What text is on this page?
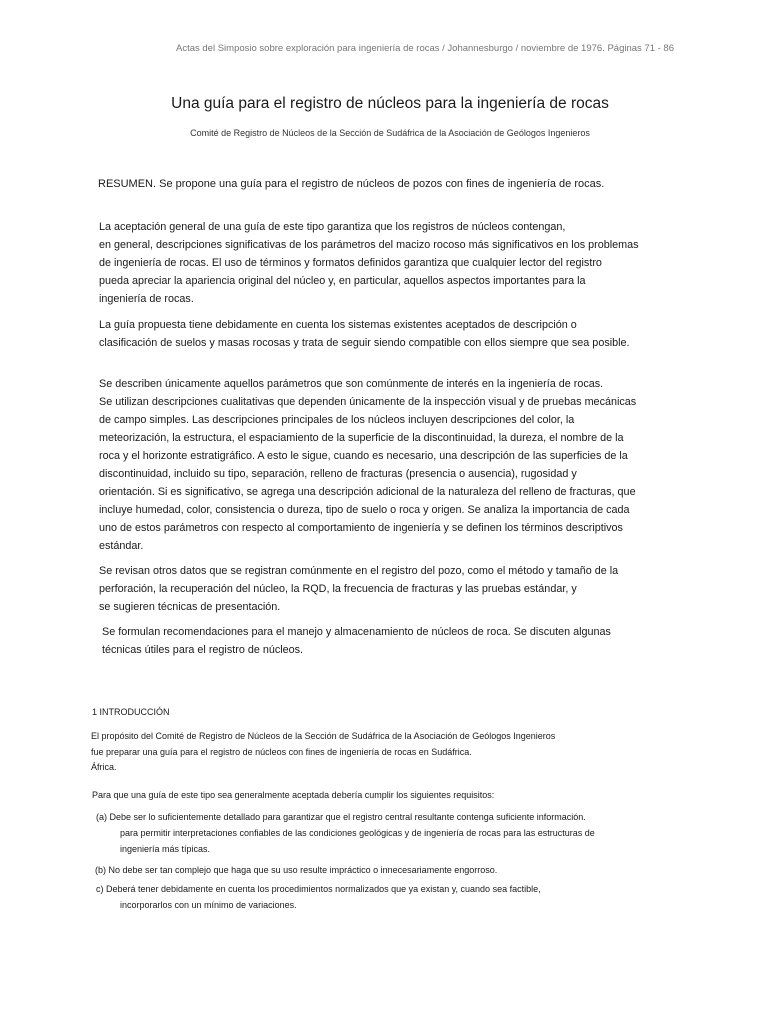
Actas del Simposio sobre exploración para ingeniería de rocas / Johannesburgo / noviembre de 1976. Páginas 71 - 86

Una guía para el registro de núcleos para la ingeniería de rocas

Comité de Registro de Núcleos de la Sección de Sudáfrica de la Asociación de Geólogos Ingenieros

RESUMEN. Se propone una guía para el registro de núcleos de pozos con fines de ingeniería de rocas.

La aceptación general de una guía de este tipo garantiza que los registros de núcleos contengan,
en general, descripciones significativas de los parámetros del macizo rocoso más significativos en los problemas
de ingeniería de rocas. El uso de términos y formatos definidos garantiza que cualquier lector del registro
pueda apreciar la apariencia original del núcleo y, en particular, aquellos aspectos importantes para la
ingeniería de rocas.
La guía propuesta tiene debidamente en cuenta los sistemas existentes aceptados de descripción o
clasificación de suelos y masas rocosas y trata de seguir siendo compatible con ellos siempre que sea posible.
Se describen únicamente aquellos parámetros que son comúnmente de interés en la ingeniería de rocas.
Se utilizan descripciones cualitativas que dependen únicamente de la inspección visual y de pruebas mecánicas
de campo simples. Las descripciones principales de los núcleos incluyen descripciones del color, la
meteorización, la estructura, el espaciamiento de la superficie de la discontinuidad, la dureza, el nombre de la
roca y el horizonte estratigráfico. A esto le sigue, cuando es necesario, una descripción de las superficies de la
discontinuidad, incluido su tipo, separación, relleno de fracturas (presencia o ausencia), rugosidad y
orientación. Si es significativo, se agrega una descripción adicional de la naturaleza del relleno de fracturas, que
incluye humedad, color, consistencia o dureza, tipo de suelo o roca y origen. Se analiza la importancia de cada
uno de estos parámetros con respecto al comportamiento de ingeniería y se definen los términos descriptivos
estándar.
Se revisan otros datos que se registran comúnmente en el registro del pozo, como el método y tamaño de la
perforación, la recuperación del núcleo, la RQD, la frecuencia de fracturas y las pruebas estándar, y
se sugieren técnicas de presentación.
Se formulan recomendaciones para el manejo y almacenamiento de núcleos de roca. Se discuten algunas
técnicas útiles para el registro de núcleos.

1 INTRODUCCIÓN

El propósito del Comité de Registro de Núcleos de la Sección de Sudáfrica de la Asociación de Geólogos Ingenieros
fue preparar una guía para el registro de núcleos con fines de ingeniería de rocas en Sudáfrica.
África.

Para que una guía de este tipo sea generalmente aceptada debería cumplir los siguientes requisitos:

(a) Debe ser lo suficientemente detallado para garantizar que el registro central resultante contenga suficiente información.
para permitir interpretaciones confiables de las condiciones geológicas y de ingeniería de rocas para las estructuras de
ingeniería más típicas.

(b) No debe ser tan complejo que haga que su uso resulte impráctico o innecesariamente engorroso.

c) Deberá tener debidamente en cuenta los procedimientos normalizados que ya existan y, cuando sea factible,
incorporarlos con un mínimo de variaciones.
